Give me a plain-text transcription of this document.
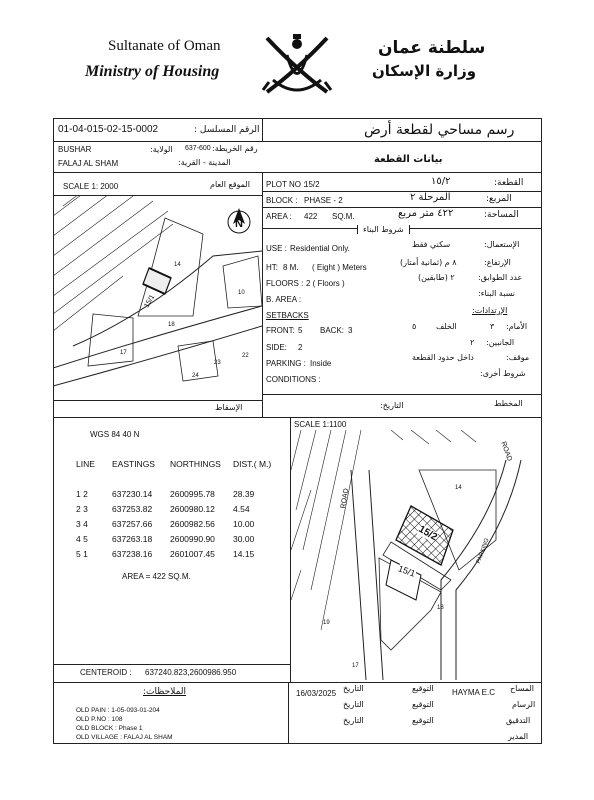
Sultanate of Oman
Ministry of Housing
سلطنة عمان
وزارة الإسكان
01-04-015-02-15-0002	الرقم المسلسل :	رسم مساحي لقطعة أرض
BUSHAR	637-600 رقم الخريطة:
الولاية:
FALAJ AL SHAM	المدينة - القرية:	بيانات القطعة
SCALE 1: 2000	الموقع العام
N
15/1
14
10
18
17
23
22
24
الإسقاط
PLOT NO :
15/2	القطعة:
١٥/٢
BLOCK : PHASE - 2	المربع:
المرحلة ٢
AREA : 422 SQ.M.	المساحة:
٤٢٢ متر مربع
شروط البناء
USE : Residential Only.	الإستعمال:
سكني فقط
HT: 8 M. ( Eight ) Meters
الإرتفاع:
٨ م (ثمانية أمتار)
FLOORS : 2 ( Floors )
عدد الطوابق:
٢ (طابقين)
B. AREA :
نسبة البناء:
SETBACKS
الإرتدادات:
FRONT: 5 BACK: 3	الأمام:
٣
الخلف
٥
SIDE: 2
الجانبين:
٢
PARKING : Inside
موقف:
داخل حدود القطعة
CONDITIONS :
شروط أخرى:
المخطط
التاريخ:
WGS 84 40 N
LINE	EASTINGS	NORTHINGS	DIST.( M.)

1 2	637230.14	2600995.78	28.39
2 3	637253.82	2600980.12	4.54
3 4	637257.66	2600982.56	10.00
4 5	637263.18	2600990.90	30.00
5 1	637238.16	2601007.45	14.15
AREA = 422 SQ.M.
CENTEROID : 637240.823,2600986.950
SCALE 1:1100
ROAD
ROAD
PARKING
15/2
15/1
14
18
19
17
الملاحظات:
OLD PAIN : 1-05-093-01-204
OLD P.NO : 108
OLD BLOCK : Phase 1
OLD VILLAGE : FALAJ AL SHAM
التاريخ
16/03/2025
التوقيع HAYMA E.C المساح
التاريخ	التوقيع	الرسام
التاريخ	التوقيع	التدقيق
المدير
